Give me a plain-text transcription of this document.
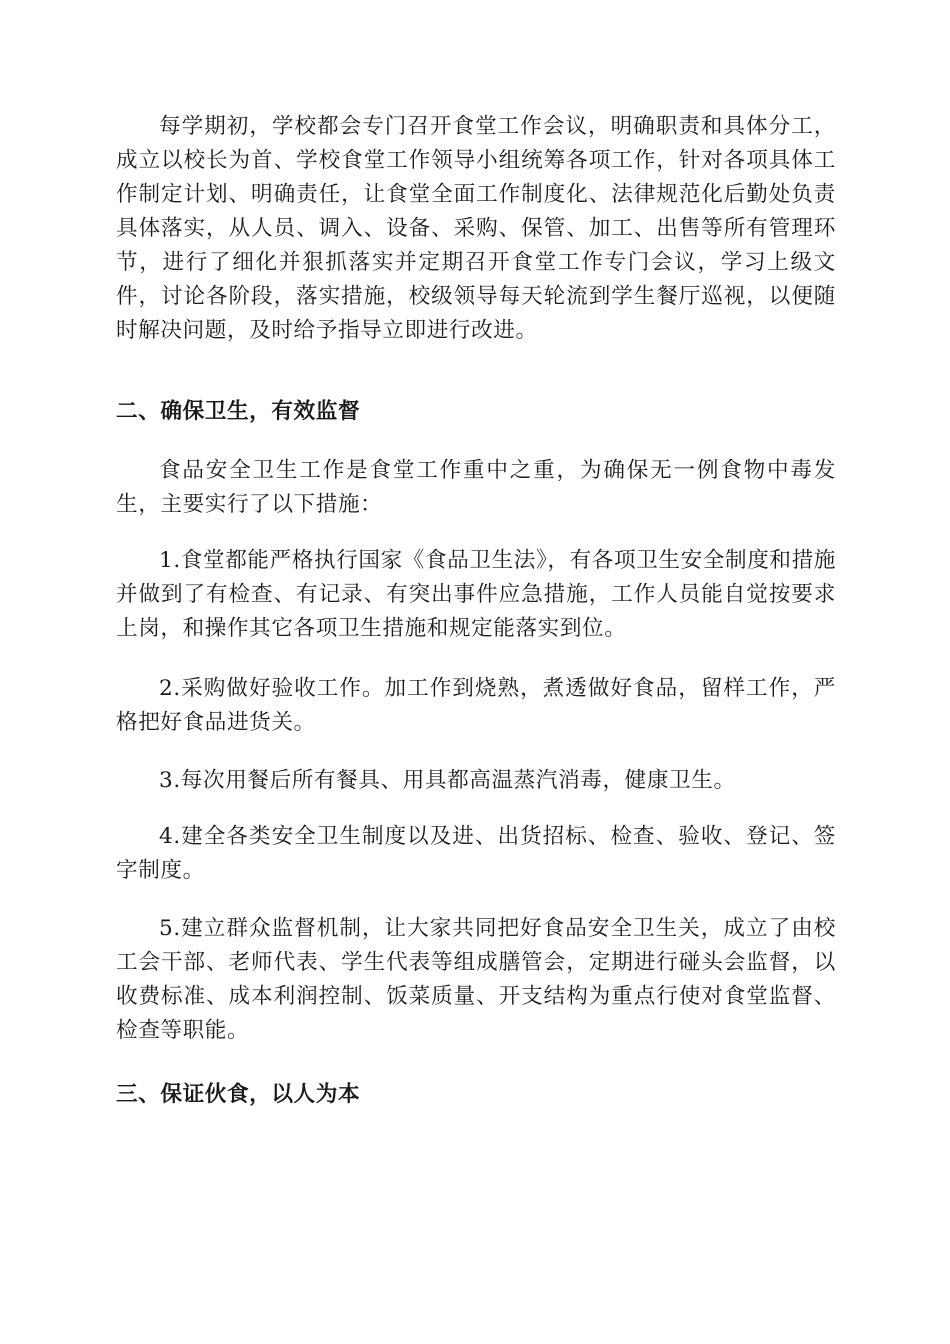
每学期初，学校都会专门召开食堂工作会议，明确职责和具体分工，成立以校长为首、学校食堂工作领导小组统筹各项工作，针对各项具体工作制定计划、明确责任，让食堂全面工作制度化、法律规范化后勤处负责具体落实，从人员、调入、设备、采购、保管、加工、出售等所有管理环节，进行了细化并狠抓落实并定期召开食堂工作专门会议，学习上级文件，讨论各阶段，落实措施，校级领导每天轮流到学生餐厅巡视，以便随时解决问题，及时给予指导立即进行改进。

二、确保卫生，有效监督

食品安全卫生工作是食堂工作重中之重，为确保无一例食物中毒发生，主要实行了以下措施：

1.食堂都能严格执行国家《食品卫生法》，有各项卫生安全制度和措施并做到了有检查、有记录、有突出事件应急措施，工作人员能自觉按要求上岗，和操作其它各项卫生措施和规定能落实到位。

2.采购做好验收工作。加工作到烧熟，煮透做好食品，留样工作，严格把好食品进货关。

3.每次用餐后所有餐具、用具都高温蒸汽消毒，健康卫生。

4.建全各类安全卫生制度以及进、出货招标、检查、验收、登记、签字制度。

5.建立群众监督机制，让大家共同把好食品安全卫生关，成立了由校工会干部、老师代表、学生代表等组成膳管会，定期进行碰头会监督，以收费标准、成本利润控制、饭菜质量、开支结构为重点行使对食堂监督、检查等职能。

三、保证伙食，以人为本
